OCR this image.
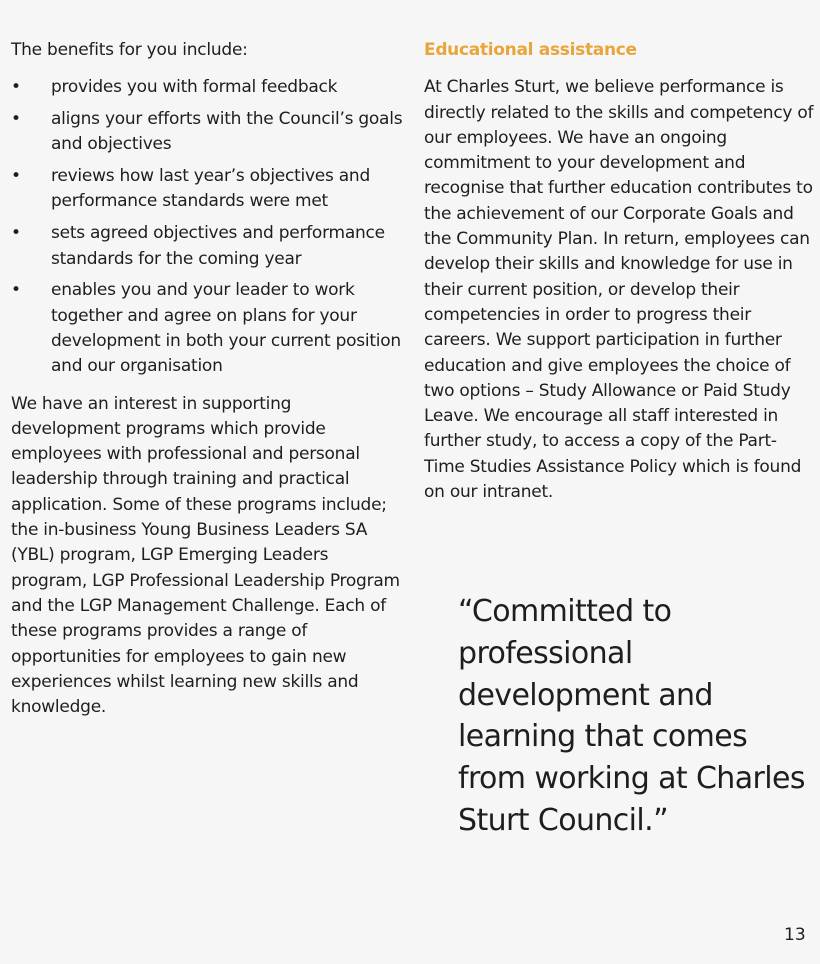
The benefits for you include:

• provides you with formal feedback
• aligns your efforts with the Council’s goals and objectives
• reviews how last year’s objectives and performance standards were met
• sets agreed objectives and performance standards for the coming year
• enables you and your leader to work together and agree on plans for your development in both your current position and our organisation

We have an interest in supporting development programs which provide employees with professional and personal leadership through training and practical application. Some of these programs include; the in-business Young Business Leaders SA (YBL) program, LGP Emerging Leaders program, LGP Professional Leadership Program and the LGP Management Challenge. Each of these programs provides a range of opportunities for employees to gain new experiences whilst learning new skills and knowledge.

Educational assistance

At Charles Sturt, we believe performance is directly related to the skills and competency of our employees. We have an ongoing commitment to your development and recognise that further education contributes to the achievement of our Corporate Goals and the Community Plan. In return, employees can develop their skills and knowledge for use in their current position, or develop their competencies in order to progress their careers. We support participation in further education and give employees the choice of two options – Study Allowance or Paid Study Leave. We encourage all staff interested in further study, to access a copy of the Part-Time Studies Assistance Policy which is found on our intranet.

“Committed to professional development and learning that comes from working at Charles Sturt Council.”

13
